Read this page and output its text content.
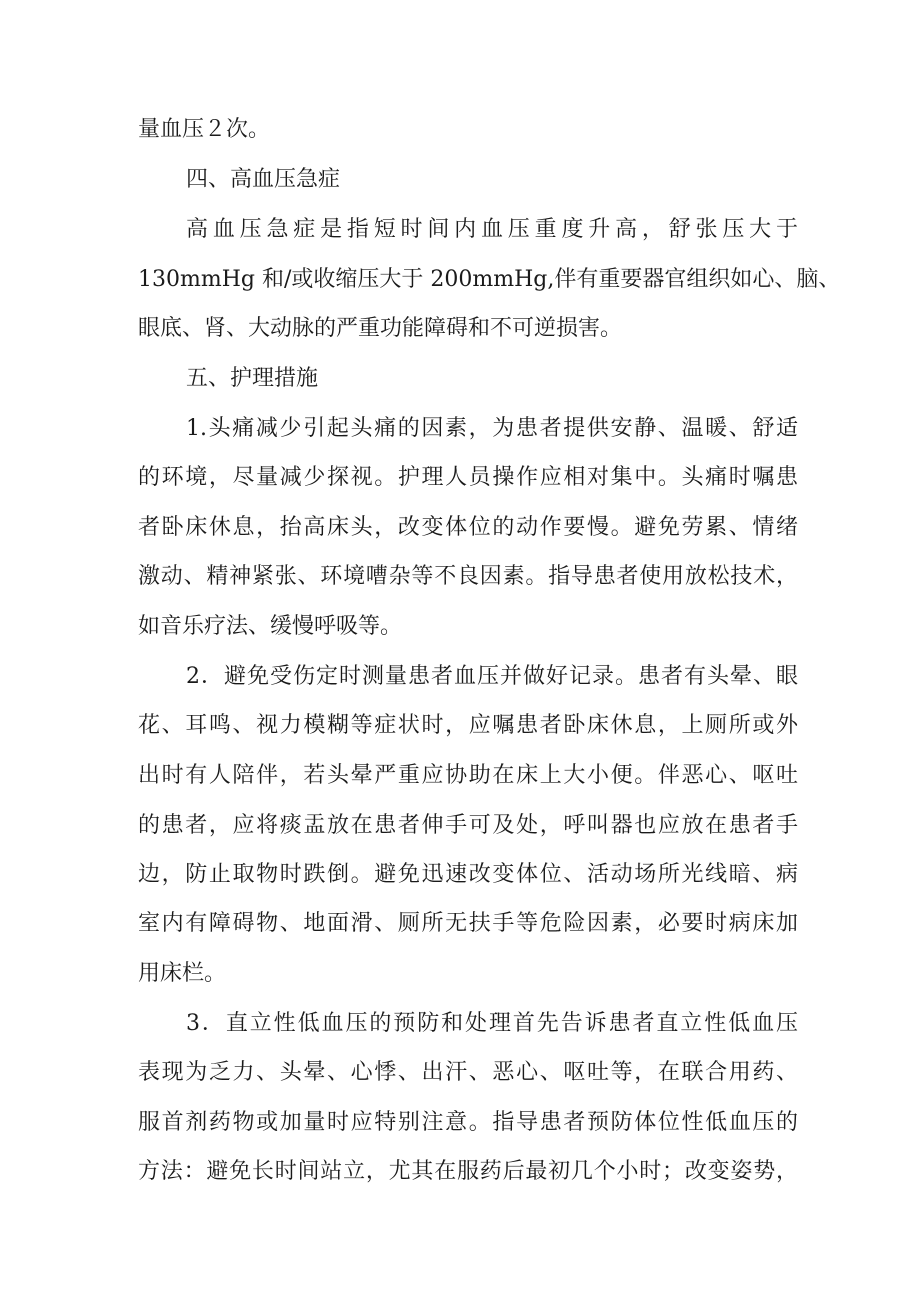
量血压２次。
四、高血压急症
高血压急症是指短时间内血压重度升高，舒张压大于
130mmHg 和/或收缩压大于 200mmHg,伴有重要器官组织如心、脑、
眼底、肾、大动脉的严重功能障碍和不可逆损害。
五、护理措施
1.头痛减少引起头痛的因素，为患者提供安静、温暖、舒适
的环境，尽量减少探视。护理人员操作应相对集中。头痛时嘱患
者卧床休息，抬高床头，改变体位的动作要慢。避免劳累、情绪
激动、精神紧张、环境嘈杂等不良因素。指导患者使用放松技术，
如音乐疗法、缓慢呼吸等。
2．避免受伤定时测量患者血压并做好记录。患者有头晕、眼
花、耳鸣、视力模糊等症状时，应嘱患者卧床休息，上厕所或外
出时有人陪伴，若头晕严重应协助在床上大小便。伴恶心、呕吐
的患者，应将痰盂放在患者伸手可及处，呼叫器也应放在患者手
边，防止取物时跌倒。避免迅速改变体位、活动场所光线暗、病
室内有障碍物、地面滑、厕所无扶手等危险因素，必要时病床加
用床栏。
3．直立性低血压的预防和处理首先告诉患者直立性低血压
表现为乏力、头晕、心悸、出汗、恶心、呕吐等，在联合用药、
服首剂药物或加量时应特别注意。指导患者预防体位性低血压的
方法：避免长时间站立，尤其在服药后最初几个小时；改变姿势，
